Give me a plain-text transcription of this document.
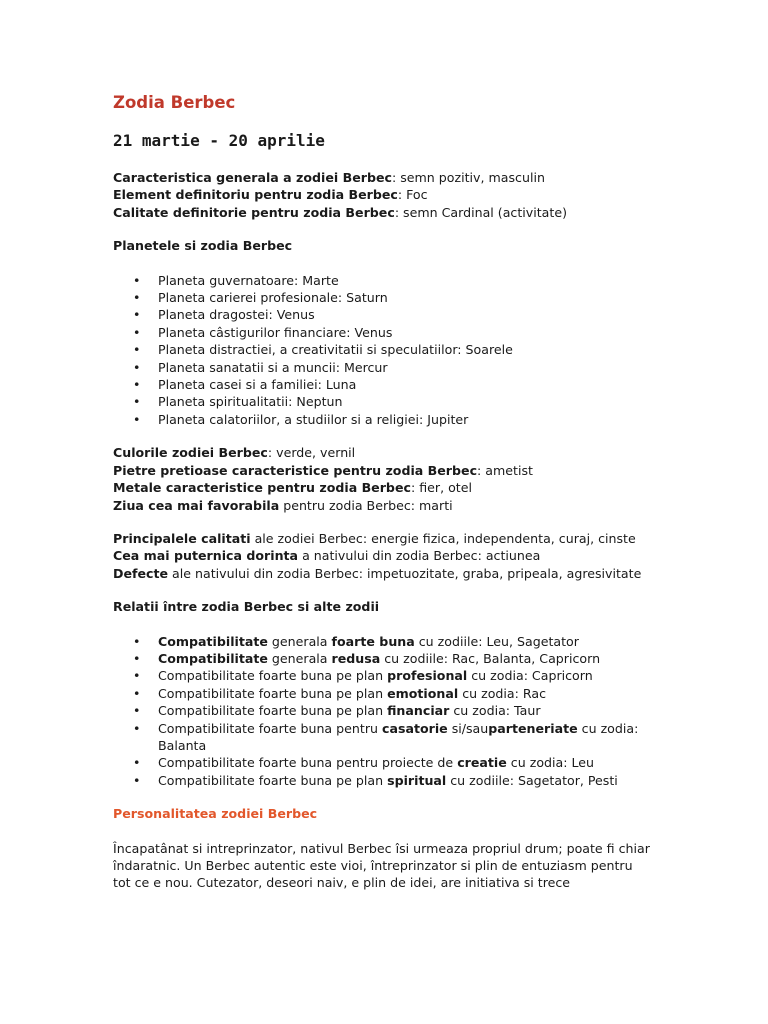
Zodia Berbec
21 martie - 20 aprilie
Caracteristica generala a zodiei Berbec: semn pozitiv, masculin
Element definitoriu pentru zodia Berbec: Foc
Calitate definitorie pentru zodia Berbec: semn Cardinal (activitate)
Planetele si zodia Berbec
• Planeta guvernatoare: Marte
• Planeta carierei profesionale: Saturn
• Planeta dragostei: Venus
• Planeta câstigurilor financiare: Venus
• Planeta distractiei, a creativitatii si speculatiilor: Soarele
• Planeta sanatatii si a muncii: Mercur
• Planeta casei si a familiei: Luna
• Planeta spiritualitatii: Neptun
• Planeta calatoriilor, a studiilor si a religiei: Jupiter
Culorile zodiei Berbec: verde, vernil
Pietre pretioase caracteristice pentru zodia Berbec: ametist
Metale caracteristice pentru zodia Berbec: fier, otel
Ziua cea mai favorabila pentru zodia Berbec: marti
Principalele calitati ale zodiei Berbec: energie fizica, independenta, curaj, cinste
Cea mai puternica dorinta a nativului din zodia Berbec: actiunea
Defecte ale nativului din zodia Berbec: impetuozitate, graba, pripeala, agresivitate
Relatii între zodia Berbec si alte zodii
• Compatibilitate generala foarte buna cu zodiile: Leu, Sagetator
• Compatibilitate generala redusa cu zodiile: Rac, Balanta, Capricorn
• Compatibilitate foarte buna pe plan profesional cu zodia: Capricorn
• Compatibilitate foarte buna pe plan emotional cu zodia: Rac
• Compatibilitate foarte buna pe plan financiar cu zodia: Taur
• Compatibilitate foarte buna pentru casatorie si/sauparteneriate cu zodia: Balanta
• Compatibilitate foarte buna pentru proiecte de creatie cu zodia: Leu
• Compatibilitate foarte buna pe plan spiritual cu zodiile: Sagetator, Pesti
Personalitatea zodiei Berbec

Încapatânat si intreprinzator, nativul Berbec îsi urmeaza propriul drum; poate fi chiar îndaratnic. Un Berbec autentic este vioi, întreprinzator si plin de entuziasm pentru tot ce e nou. Cutezator, deseori naiv, e plin de idei, are initiativa si trece
